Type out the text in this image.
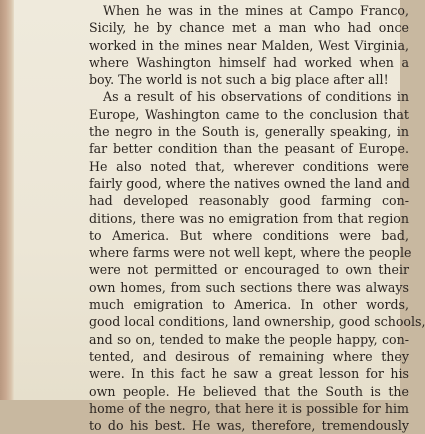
When he was in the mines at Campo Franco,
Sicily, he by chance met a man who had once
worked in the mines near Malden, West Virginia,
where Washington himself had worked when a
boy. The world is not such a big place after all!
As a result of his observations of conditions in
Europe, Washington came to the conclusion that
the negro in the South is, generally speaking, in
far better condition than the peasant of Europe.
He also noted that, wherever conditions were
fairly good, where the natives owned the land and
had developed reasonably good farming con-
ditions, there was no emigration from that region
to America. But where conditions were bad,
where farms were not well kept, where the people
were not permitted or encouraged to own their
own homes, from such sections there was always
much emigration to America. In other words,
good local conditions, land ownership, good schools,
and so on, tended to make the people happy, con-
tented, and desirous of remaining where they
were. In this fact he saw a great lesson for his
own people. He believed that the South is the
home of the negro, that here it is possible for him
to do his best. He was, therefore, tremendously
